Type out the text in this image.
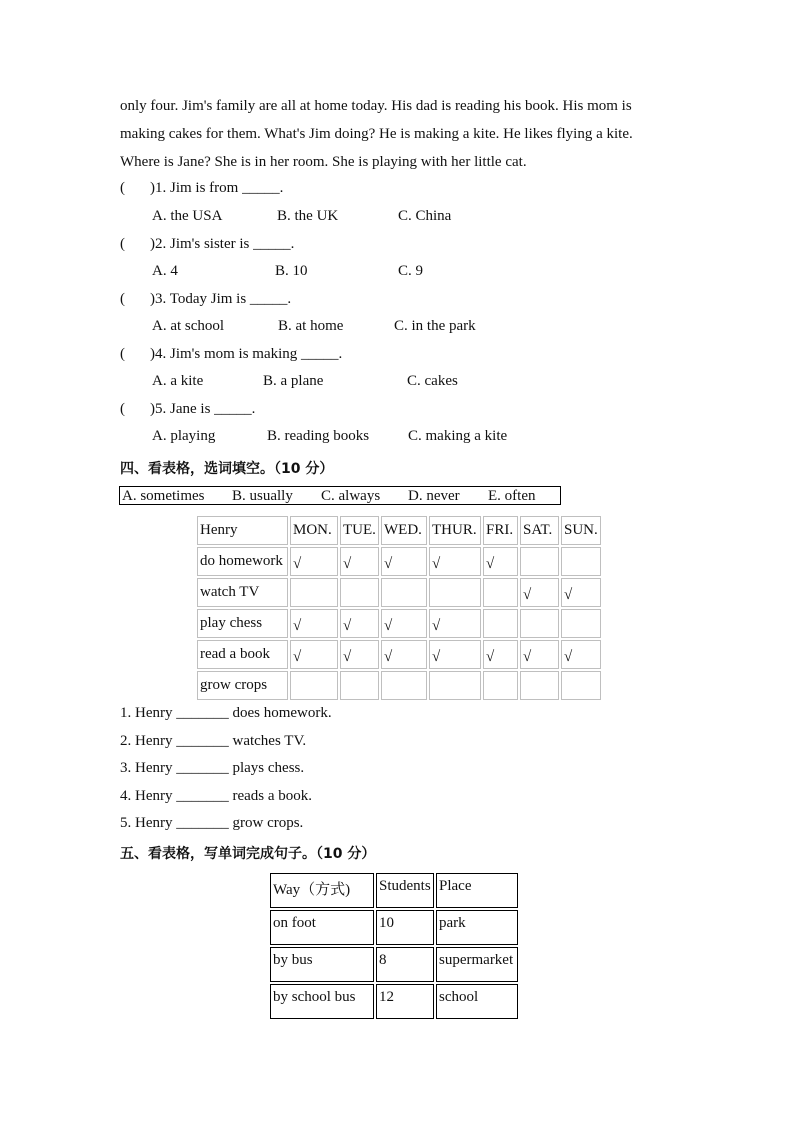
only four. Jim's family are all at home today. His dad is reading his book. His mom is
making cakes for them. What's Jim doing? He is making a kite. He likes flying a kite.
Where is Jane? She is in her room. She is playing with her little cat.
( )1. Jim is from _____.
A. the USA	B. the UK	C. China
( )2. Jim's sister is _____.
A. 4	B. 10	C. 9
( )3. Today Jim is _____.
A. at school	B. at home	C. in the park
( )4. Jim's mom is making _____.
A. a kite	B. a plane	C. cakes
( )5. Jane is _____.
A. playing	B. reading books	C. making a kite
四、看表格，选词填空。（10 分）
A. sometimes B. usually C. always D. never E. often
Henry	MON.	TUE.	WED.	THUR.	FRI.	SAT.	SUN.
do homework	√	√	√	√	√		
watch TV						√	√
play chess	√	√	√	√			
read a book	√	√	√	√	√	√	√
grow crops							
1. Henry _______ does homework.
2. Henry _______ watches TV.
3. Henry _______ plays chess.
4. Henry _______ reads a book.
5. Henry _______ grow crops.
五、看表格，写单词完成句子。（10 分）
Way（方式)	Students	Place
on foot	10	park
by bus	8	supermarket
by school bus	12	school
